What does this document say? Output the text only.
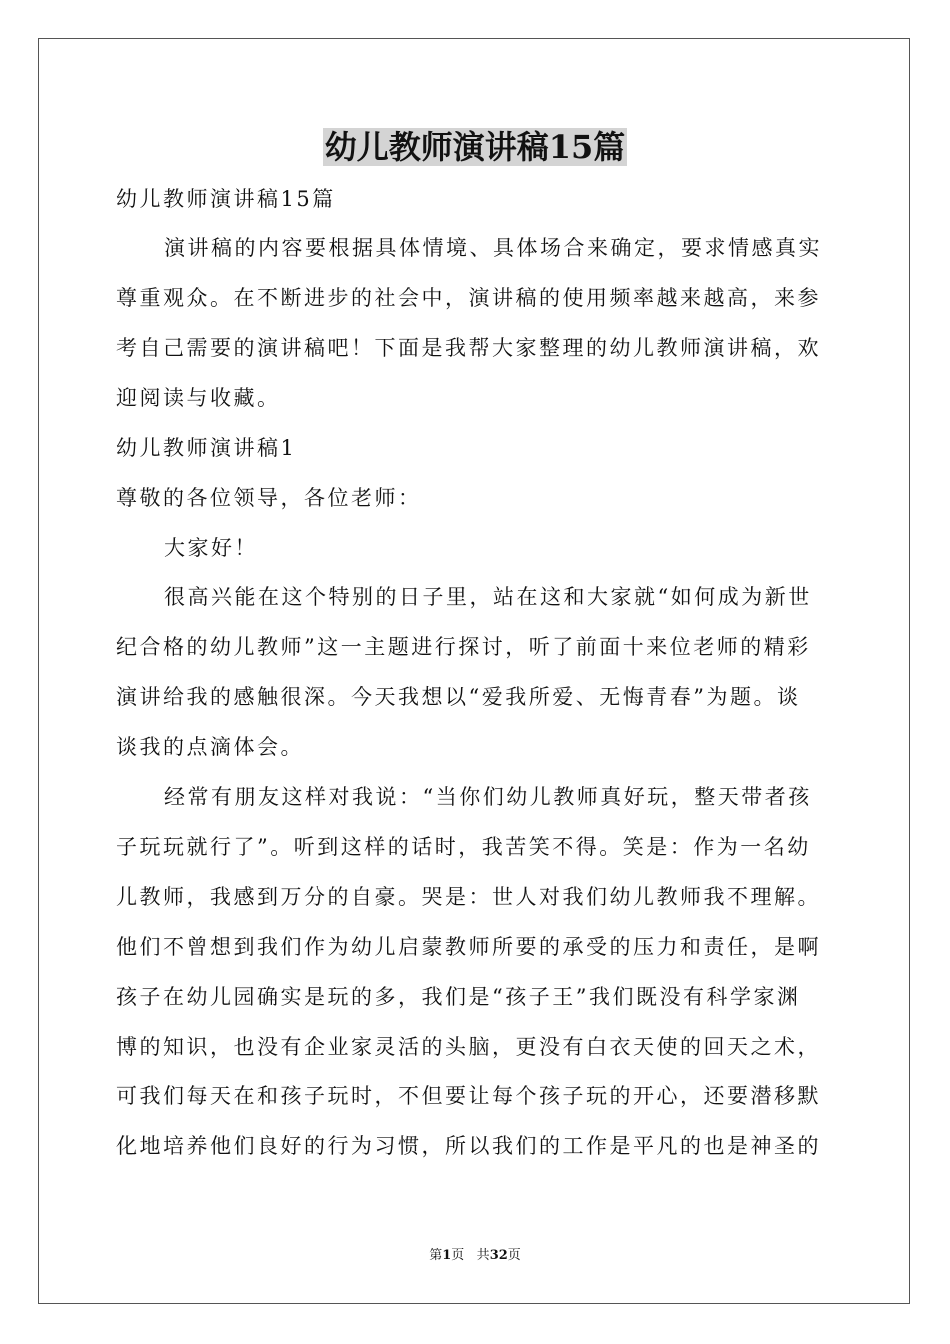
幼儿教师演讲稿15篇
幼儿教师演讲稿15篇
演讲稿的内容要根据具体情境、具体场合来确定，要求情感真实
尊重观众。在不断进步的社会中，演讲稿的使用频率越来越高，来参
考自己需要的演讲稿吧！下面是我帮大家整理的幼儿教师演讲稿，欢
迎阅读与收藏。
幼儿教师演讲稿1
尊敬的各位领导，各位老师：
大家好！
很高兴能在这个特别的日子里，站在这和大家就“如何成为新世
纪合格的幼儿教师”这一主题进行探讨，听了前面十来位老师的精彩
演讲给我的感触很深。今天我想以“爱我所爱、无悔青春”为题。谈
谈我的点滴体会。
经常有朋友这样对我说：“当你们幼儿教师真好玩，整天带者孩
子玩玩就行了”。听到这样的话时，我苦笑不得。笑是：作为一名幼
儿教师，我感到万分的自豪。哭是：世人对我们幼儿教师我不理解。
他们不曾想到我们作为幼儿启蒙教师所要的承受的压力和责任，是啊
孩子在幼儿园确实是玩的多，我们是“孩子王”我们既没有科学家渊
博的知识，也没有企业家灵活的头脑，更没有白衣天使的回天之术，
可我们每天在和孩子玩时，不但要让每个孩子玩的开心，还要潜移默
化地培养他们良好的行为习惯，所以我们的工作是平凡的也是神圣的
第1页 共32页
